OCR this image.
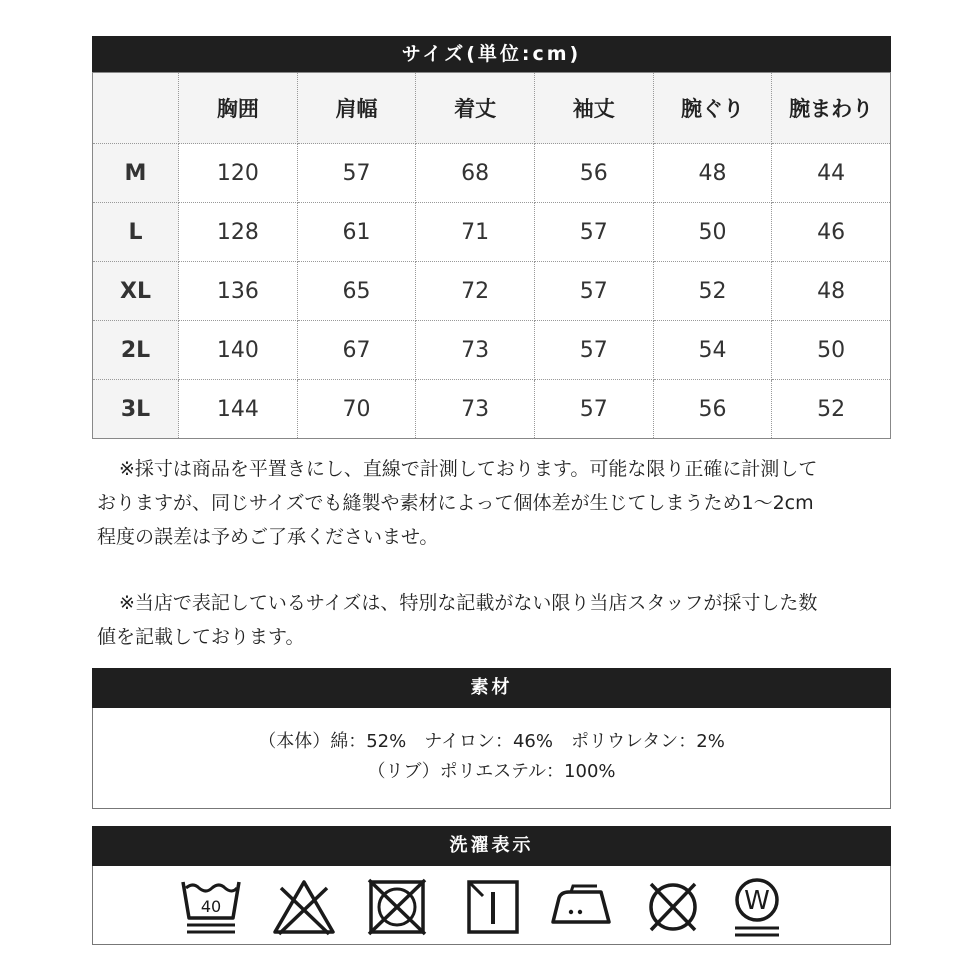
サイズ(単位:cm)
	胸囲	肩幅	着丈	袖丈	腕ぐり	腕まわり
M	120	57	68	56	48	44
L	128	61	71	57	50	46
XL	136	65	72	57	52	48
2L	140	67	73	57	54	50
3L	144	70	73	57	56	52
※採寸は商品を平置きにし、直線で計測しております。可能な限り正確に計測して
おりますが、同じサイズでも縫製や素材によって個体差が生じてしまうため1～2cm
程度の誤差は予めご了承くださいませ。
※当店で表記しているサイズは、特別な記載がない限り当店スタッフが採寸した数
値を記載しております。
素材
（本体）綿：52%　ナイロン：46%　ポリウレタン：2%
（リブ）ポリエステル：100%
洗濯表示
40	W
